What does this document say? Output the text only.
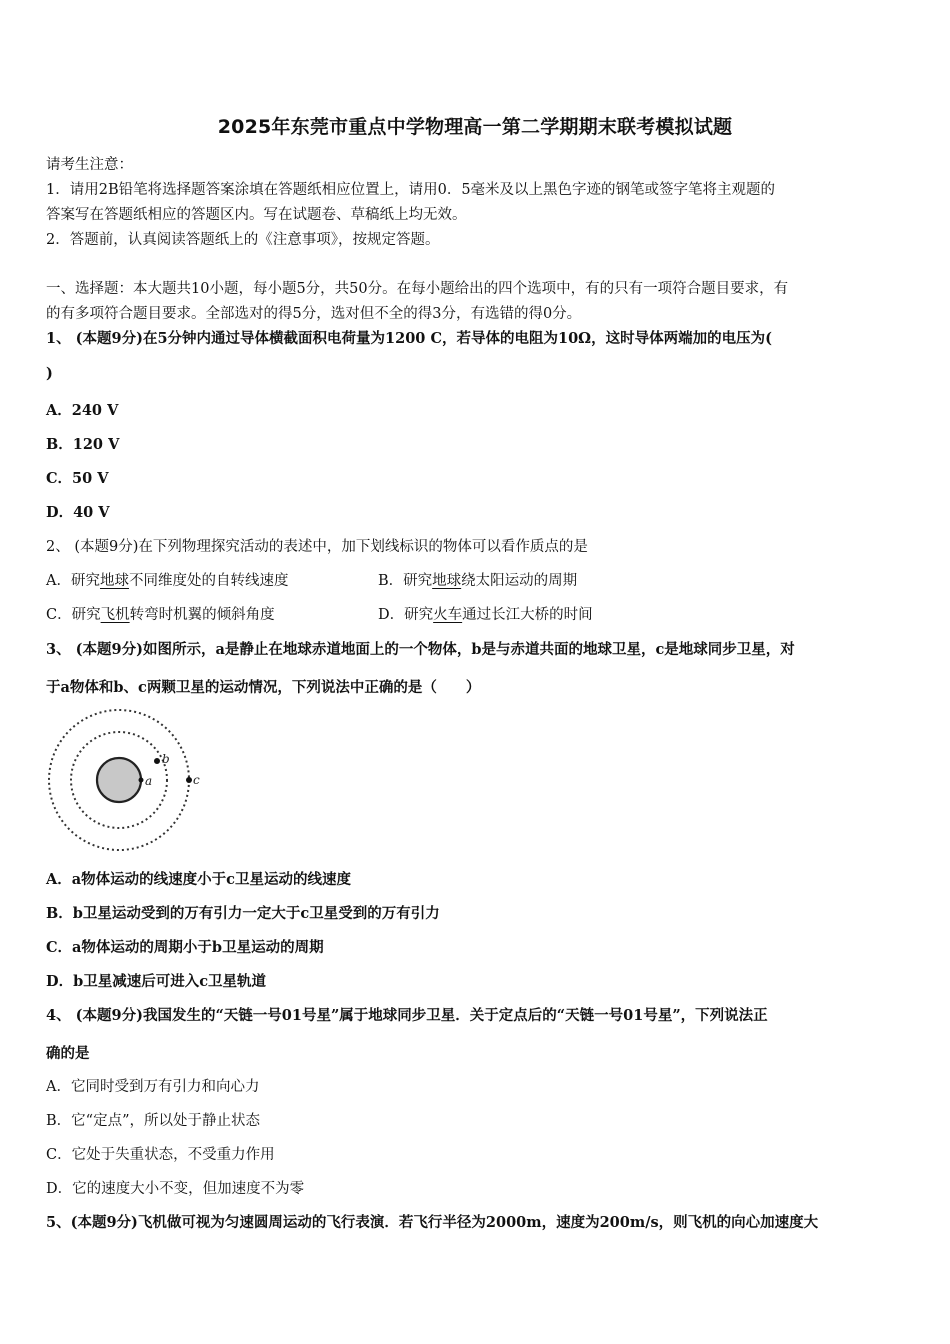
2025年东莞市重点中学物理高一第二学期期末联考模拟试题
请考生注意：
1．请用2B铅笔将选择题答案涂填在答题纸相应位置上，请用0．5毫米及以上黑色字迹的钢笔或签字笔将主观题的
答案写在答题纸相应的答题区内。写在试题卷、草稿纸上均无效。
2．答题前，认真阅读答题纸上的《注意事项》，按规定答题。
一、选择题：本大题共10小题，每小题5分，共50分。在每小题给出的四个选项中，有的只有一项符合题目要求，有
的有多项符合题目要求。全部选对的得5分，选对但不全的得3分，有选错的得0分。
1、 (本题9分)在5分钟内通过导体横截面积电荷量为1200 C，若导体的电阻为10Ω，这时导体两端加的电压为(
)
A．240 V
B．120 V
C．50 V
D．40 V
2、 (本题9分)在下列物理探究活动的表述中，加下划线标识的物体可以看作质点的是
A．研究地球不同维度处的自转线速度	B．研究地球绕太阳运动的周期
C．研究飞机转弯时机翼的倾斜角度	D．研究火车通过长江大桥的时间
3、 (本题9分)如图所示，a是静止在地球赤道地面上的一个物体，b是与赤道共面的地球卫星，c是地球同步卫星，对
于a物体和b、c两颗卫星的运动情况，下列说法中正确的是（　　）
a
b
c
A．a物体运动的线速度小于c卫星运动的线速度
B．b卫星运动受到的万有引力一定大于c卫星受到的万有引力
C．a物体运动的周期小于b卫星运动的周期
D．b卫星减速后可进入c卫星轨道
4、 (本题9分)我国发生的“天链一号01号星”属于地球同步卫星．关于定点后的“天链一号01号星”，下列说法正
确的是
A．它同时受到万有引力和向心力
B．它“定点”，所以处于静止状态
C．它处于失重状态，不受重力作用
D．它的速度大小不变，但加速度不为零
5、(本题9分)飞机做可视为匀速圆周运动的飞行表演．若飞行半径为2000m，速度为200m/s，则飞机的向心加速度大
